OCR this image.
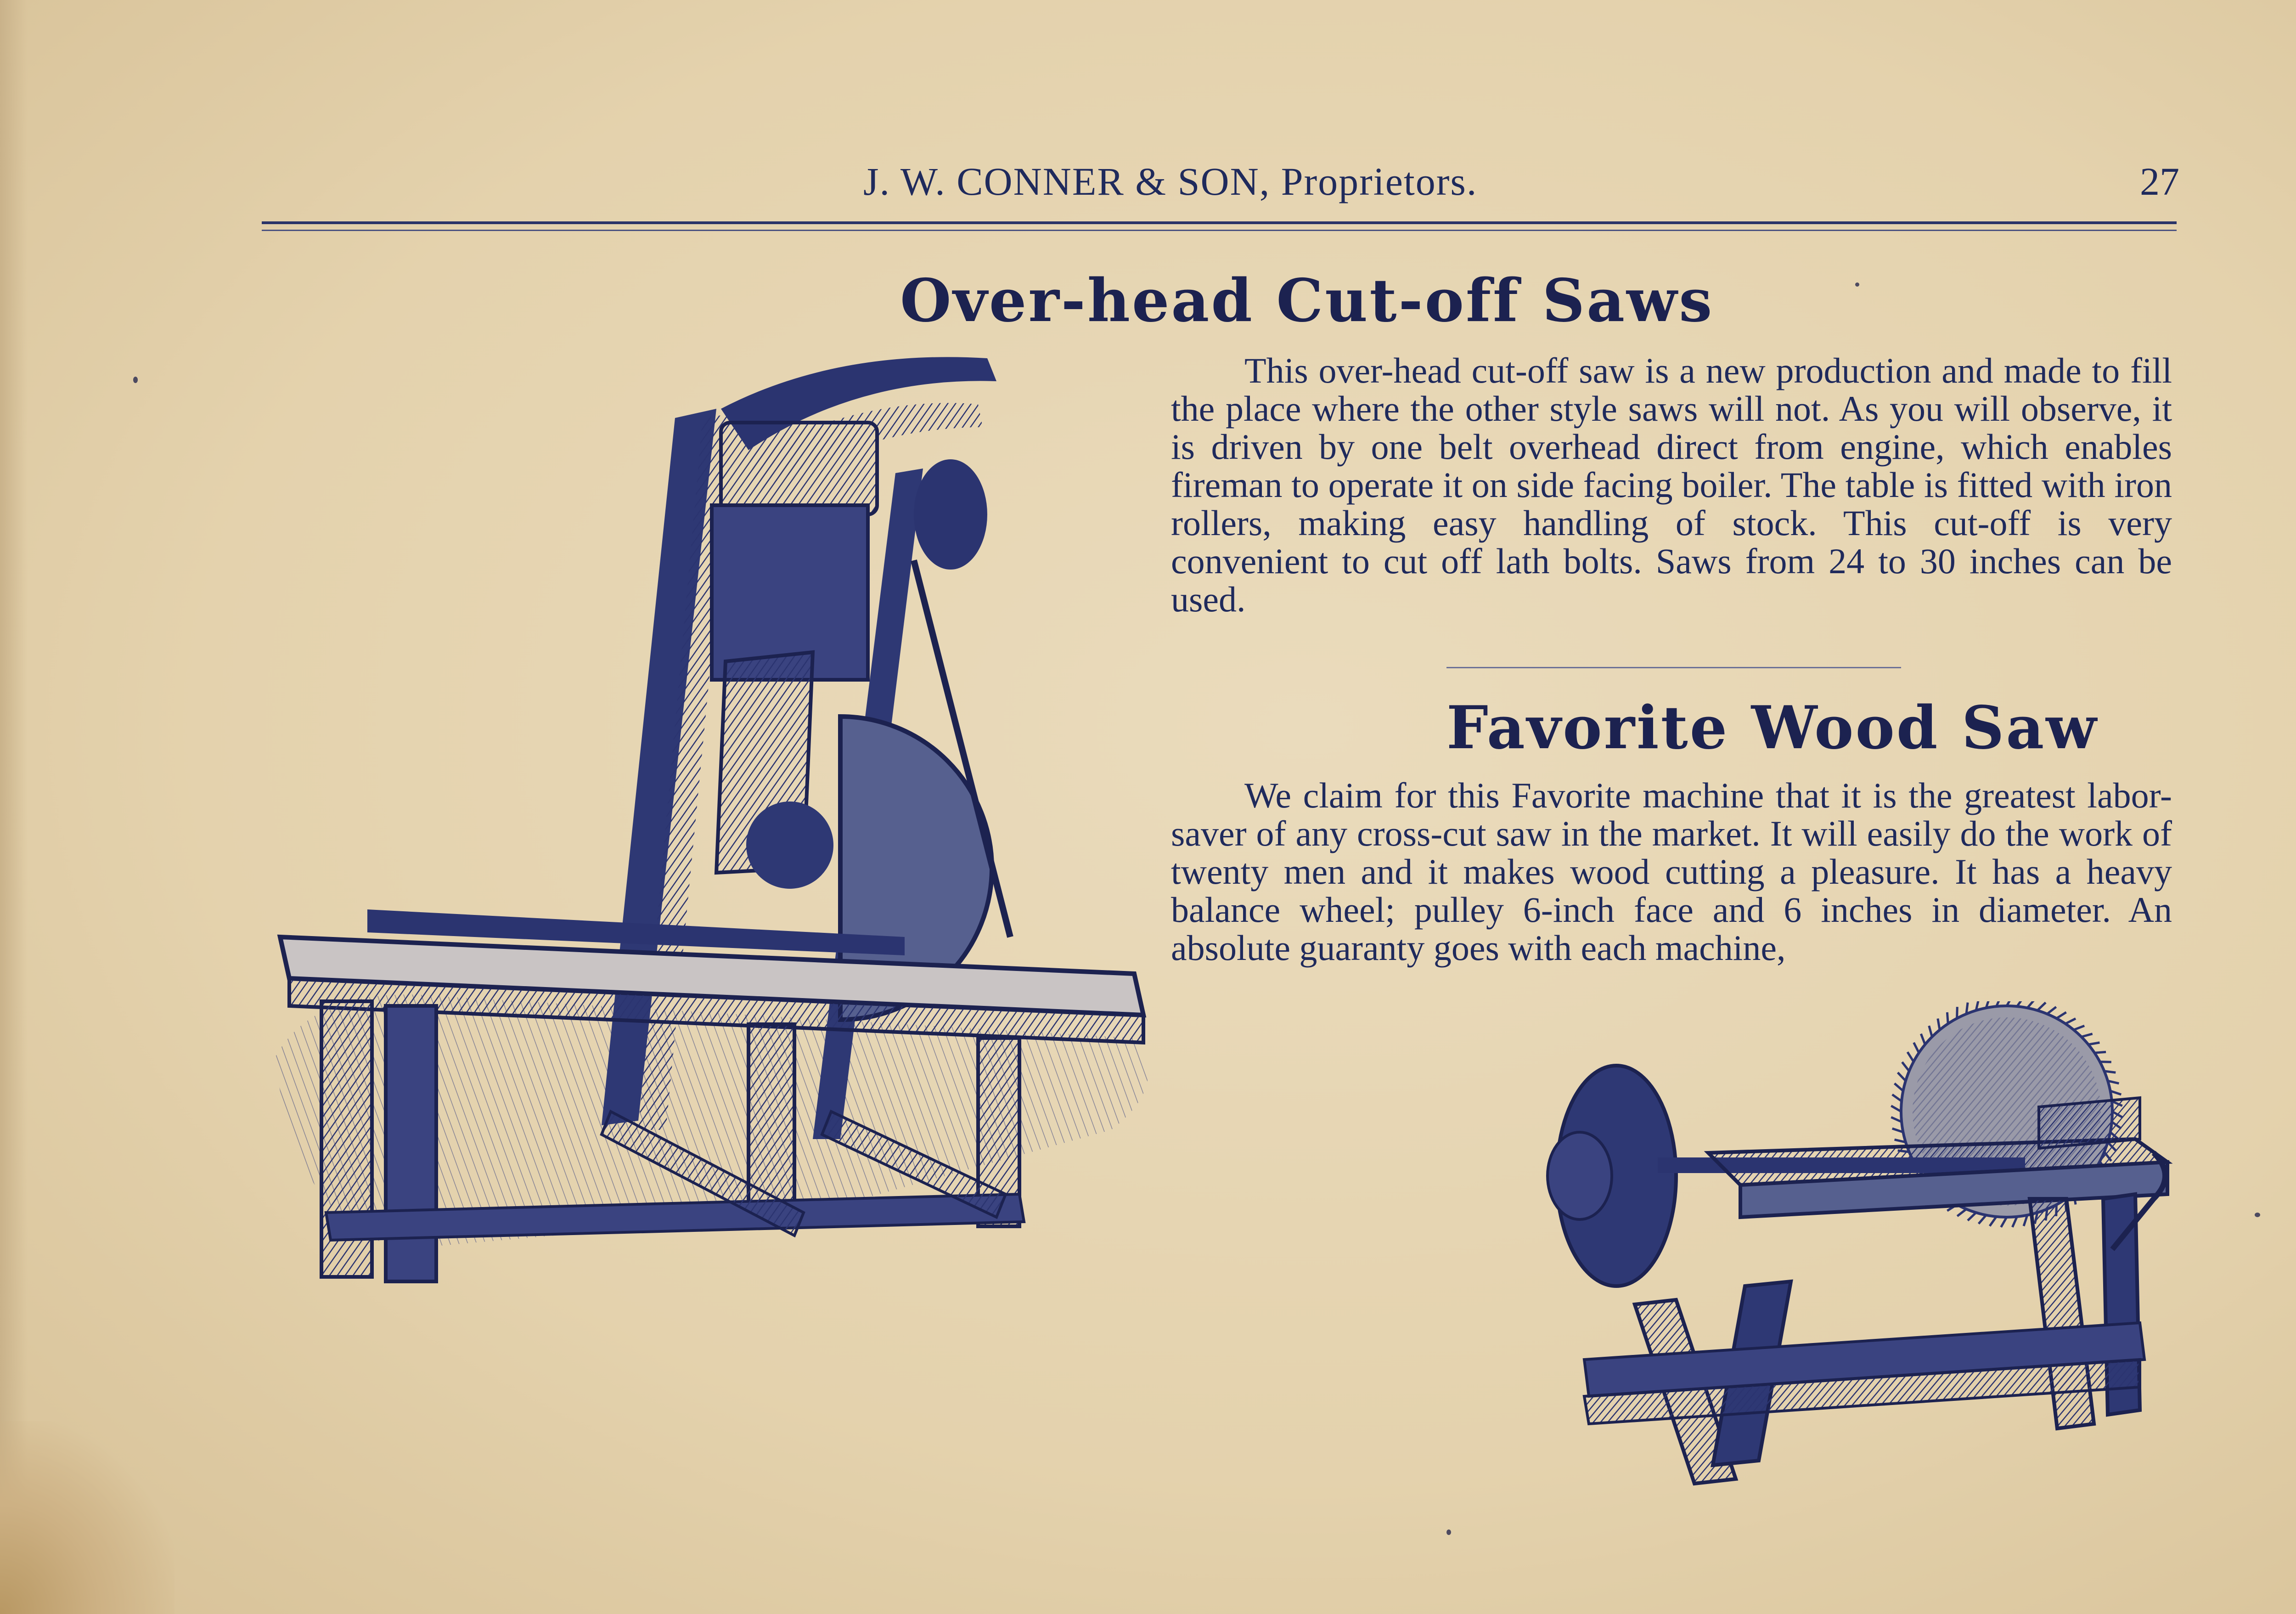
J. W. CONNER & SON, Proprietors.	27
Over-head Cut-off Saws

This over-head cut-off saw is a new production and made to fill the place where the other style saws will not. As you will observe, it is driven by one belt overhead direct from engine, which enables fireman to operate it on side facing boiler. The table is fitted with iron rollers, making easy handling of stock. This cut-off is very convenient to cut off lath bolts. Saws from 24 to 30 inches can be used.

Favorite Wood Saw

We claim for this Favorite machine that it is the greatest labor-saver of any cross-cut saw in the market. It will easily do the work of twenty men and it makes wood cutting a pleasure. It has a heavy balance wheel; pulley 6-inch face and 6 inches in diameter. An absolute guaranty goes with each machine,
